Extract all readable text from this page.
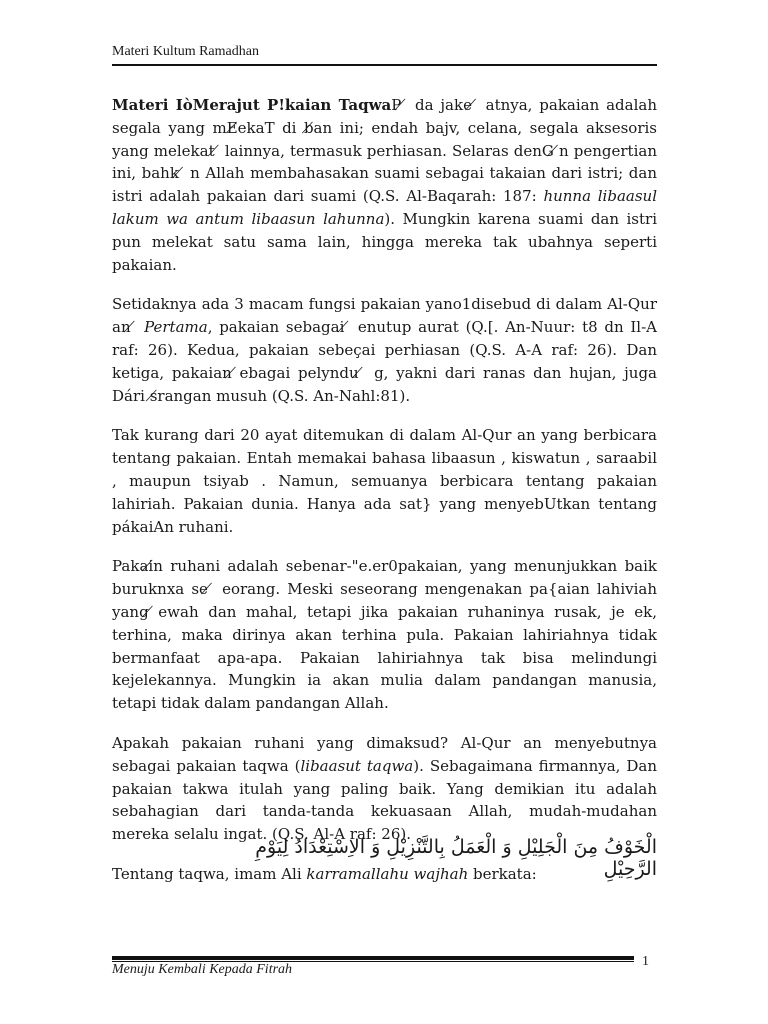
Materi Kultum Ramadhan

Materi IòMerajut P!kaian TaqwaP ̸ da jake ̸ atnya, pakaian adalah segala yang mE̸ekaT di b̸an ini; endah bajv, celana, segala aksesoris yang melekat ̸ lainnya, termasuk perhiasan. Selaras denG ̸n pengertian ini, bahk ̸ n Allah membahasakan suami sebagai takaian dari istri; dan istri adalah pakaian dari suami (Q.S. Al-Baqarah: 187: hunna libaasul lakum wa antum libaasun lahunna). Mungkin karena suami dan istri pun melekat satu sama lain, hingga mereka tak ubahnya seperti pakaian.

Setidaknya ada 3 macam fungsi pakaian yano1disebud di dalam Al-Qur an ̸ Pertama, pakaian sebagai ̸ enutup aurat (Q.[. An-Nuur: t8 dn Il-A raf: 26). Kedua, pakaian sebeçai perhiasan (Q.S. A-A raf: 26). Dan ketiga, pakaian ̸ebagai pelyndu ̸ g, yakni dari ranas dan hujan, juga Dári s̸rangan musuh (Q.S. An-Nahl:81).

Tak kurang dari 20 ayat ditemukan di dalam Al-Qur an yang berbicara tentang pakaian. Entah memakai bahasa libaasun , kiswatun , saraabil , maupun tsiyab . Namun, semuanya berbicara tentang pakaian lahiriah. Pakaian dunia. Hanya ada sat} yang menyebUtkan tentang pákaiAn ruhani.

Pakai̸n ruhani adalah sebenar-"e.er0pakaian, yang menunjukkan baik buruknxa se ̸ eorang. Meski seseorang mengenakan pa{aian lahiviah yang ̸ewah dan mahal, tetapi jika pakaian ruhaninya rusak, je ek, terhina, maka dirinya akan terhina pula. Pakaian lahiriahnya tidak bermanfaat apa-apa. Pakaian lahiriahnya tak bisa melindungi kejelekannya. Mungkin ia akan mulia dalam pandangan manusia, tetapi tidak dalam pandangan Allah.

Apakah pakaian ruhani yang dimaksud? Al-Qur an menyebutnya sebagai pakaian taqwa (libaasut taqwa). Sebagaimana firmannya, Dan pakaian takwa itulah yang paling baik. Yang demikian itu adalah sebahagian dari tanda-tanda kekuasaan Allah, mudah-mudahan mereka selalu ingat. (Q.S. Al-A raf: 26).

Tentang taqwa, imam Ali karramallahu wajhah berkata:

الْخَوْفُ مِنَ الْجَلِيْلِ وَ الْعَمَلُ بِالتَّنْزِيْلِ وَ الاِسْتِعْدَادُ لِيَوْمِ الرَّحِيْلِ
Menuju Kembali Kepada Fitrah
1
